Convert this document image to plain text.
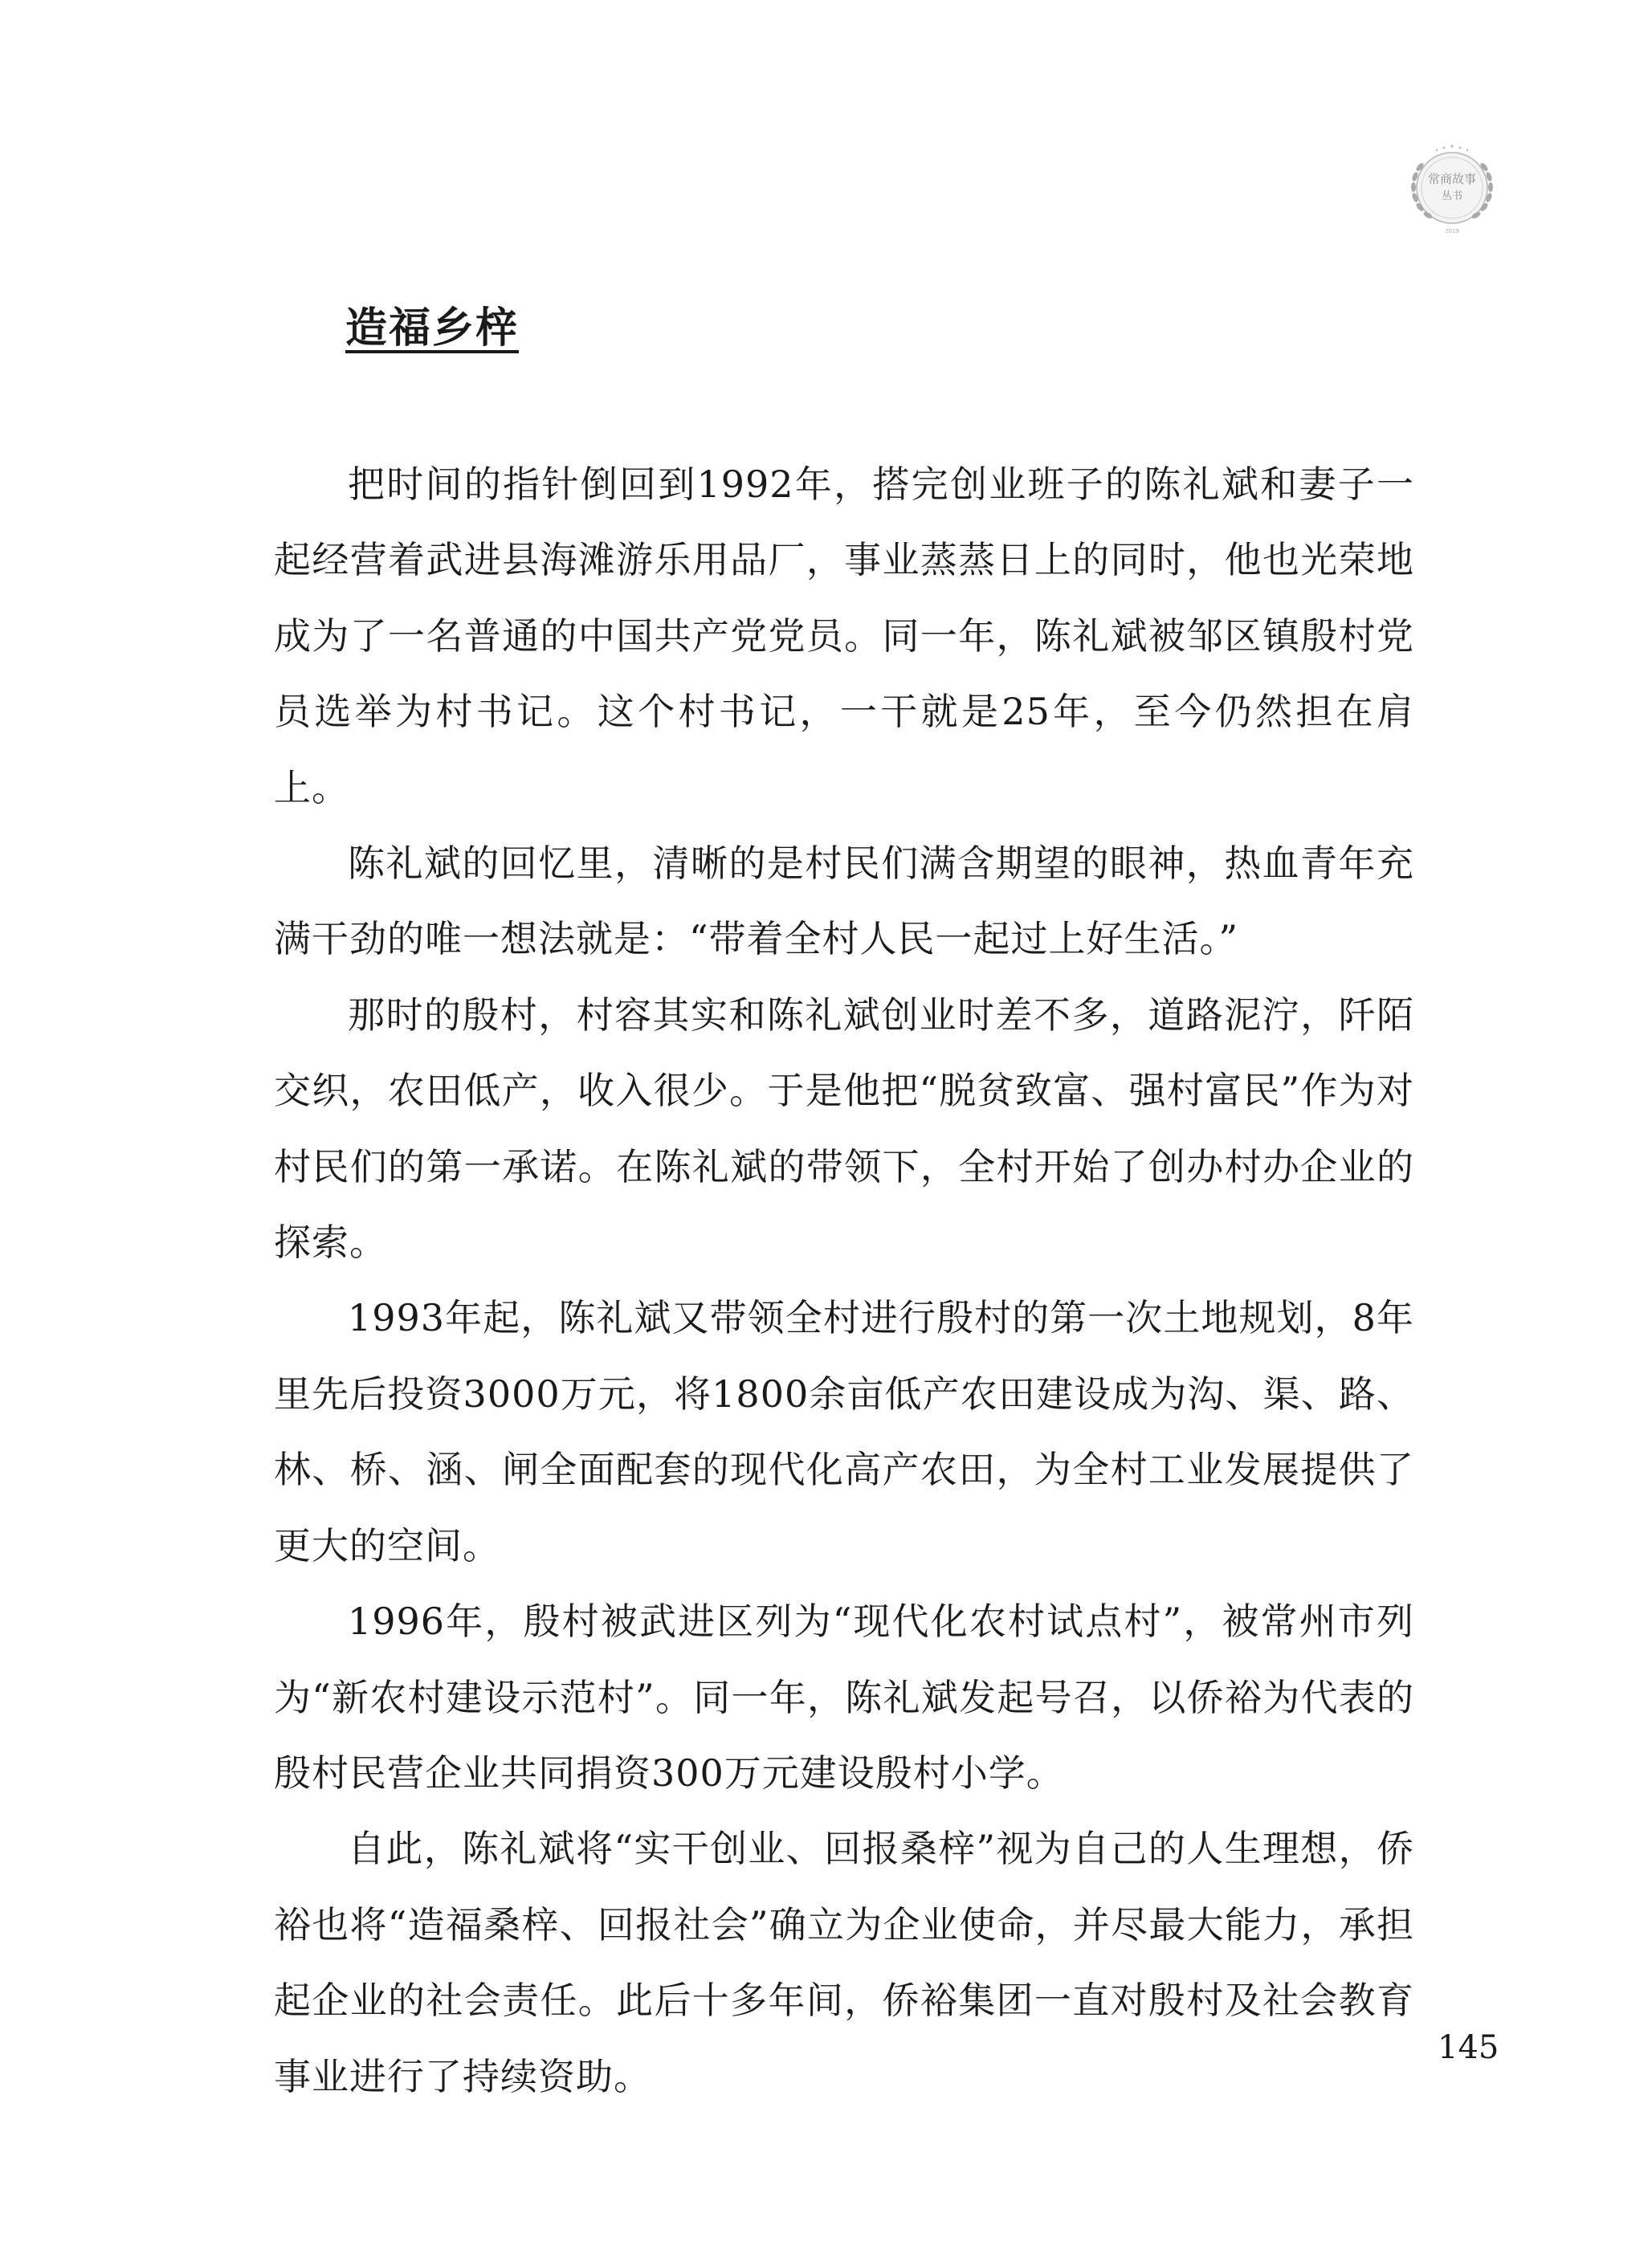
常商故事
丛书
2019
造福乡梓

把时间的指针倒回到1992年，搭完创业班子的陈礼斌和妻子一起经营着武进县海滩游乐用品厂，事业蒸蒸日上的同时，他也光荣地成为了一名普通的中国共产党党员。同一年，陈礼斌被邹区镇殷村党员选举为村书记。这个村书记，一干就是25年，至今仍然担在肩上。

陈礼斌的回忆里，清晰的是村民们满含期望的眼神，热血青年充满干劲的唯一想法就是：“带着全村人民一起过上好生活。”

那时的殷村，村容其实和陈礼斌创业时差不多，道路泥泞，阡陌交织，农田低产，收入很少。于是他把“脱贫致富、强村富民”作为对村民们的第一承诺。在陈礼斌的带领下，全村开始了创办村办企业的探索。

1993年起，陈礼斌又带领全村进行殷村的第一次土地规划，8年里先后投资3000万元，将1800余亩低产农田建设成为沟、渠、路、林、桥、涵、闸全面配套的现代化高产农田，为全村工业发展提供了更大的空间。

1996年，殷村被武进区列为“现代化农村试点村”，被常州市列为“新农村建设示范村”。同一年，陈礼斌发起号召，以侨裕为代表的殷村民营企业共同捐资300万元建设殷村小学。

自此，陈礼斌将“实干创业、回报桑梓”视为自己的人生理想，侨裕也将“造福桑梓、回报社会”确立为企业使命，并尽最大能力，承担起企业的社会责任。此后十多年间，侨裕集团一直对殷村及社会教育事业进行了持续资助。

145
